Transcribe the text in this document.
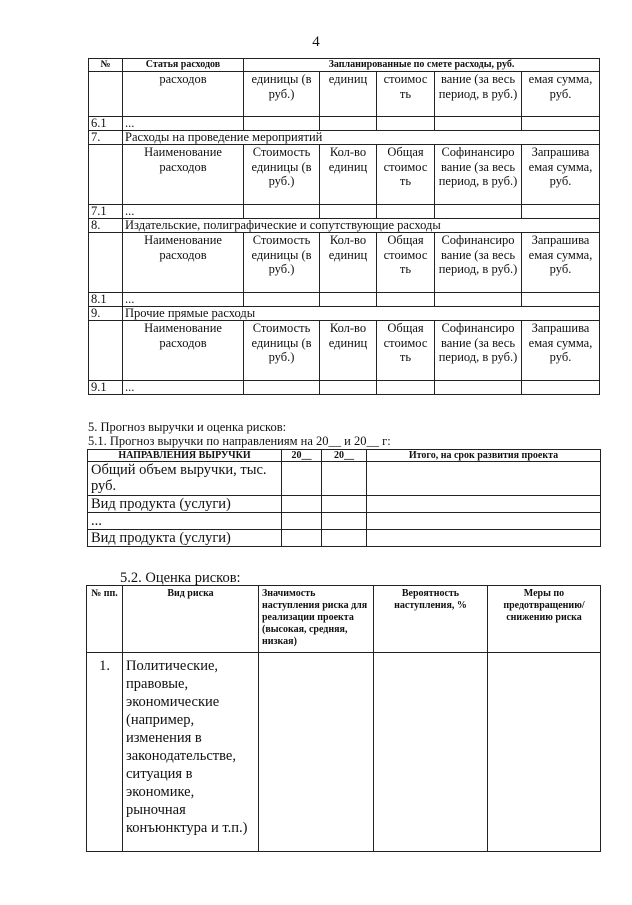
4
№	Статья расходов	Запланированные по смете расходы, руб.				
	расходов	единицы (в руб.)	единиц	стоимос ть	вание (за весь период, в руб.)	емая сумма, руб.
6.1	...					
7.	Расходы на проведение мероприятий					
	Наименование расходов	Стоимость единицы (в руб.)	Кол-во единиц	Общая стоимос ть	Софинансиро вание (за весь период, в руб.)	Запрашива емая сумма, руб.
7.1	...					
8.	Издательские, полиграфические и сопутствующие расходы					
	Наименование расходов	Стоимость единицы (в руб.)	Кол-во единиц	Общая стоимос ть	Софинансиро вание (за весь период, в руб.)	Запрашива емая сумма, руб.
8.1	...					
9.	Прочие прямые расходы					
	Наименование расходов	Стоимость единицы (в руб.)	Кол-во единиц	Общая стоимос ть	Софинансиро вание (за весь период, в руб.)	Запрашива емая сумма, руб.
9.1	...					
5. Прогноз выручки и оценка рисков:
5.1. Прогноз выручки по направлениям на 20__ и 20__ г:
НАПРАВЛЕНИЯ ВЫРУЧКИ	20__	20__	Итого, на срок развития проекта
Общий объем выручки, тыс. руб.			
Вид продукта (услуги)			
...			
Вид продукта (услуги)			
5.2. Оценка рисков:
№ пп.	Вид риска	Значимость наступления риска для реализации проекта (высокая, средняя, низкая)	Вероятность наступления, %	Меры по предотвращению/ снижению риска
1.	Политические, правовые, экономические (например, изменения в законодательстве, ситуация в экономике, рыночная конъюнктура и т.п.)			
